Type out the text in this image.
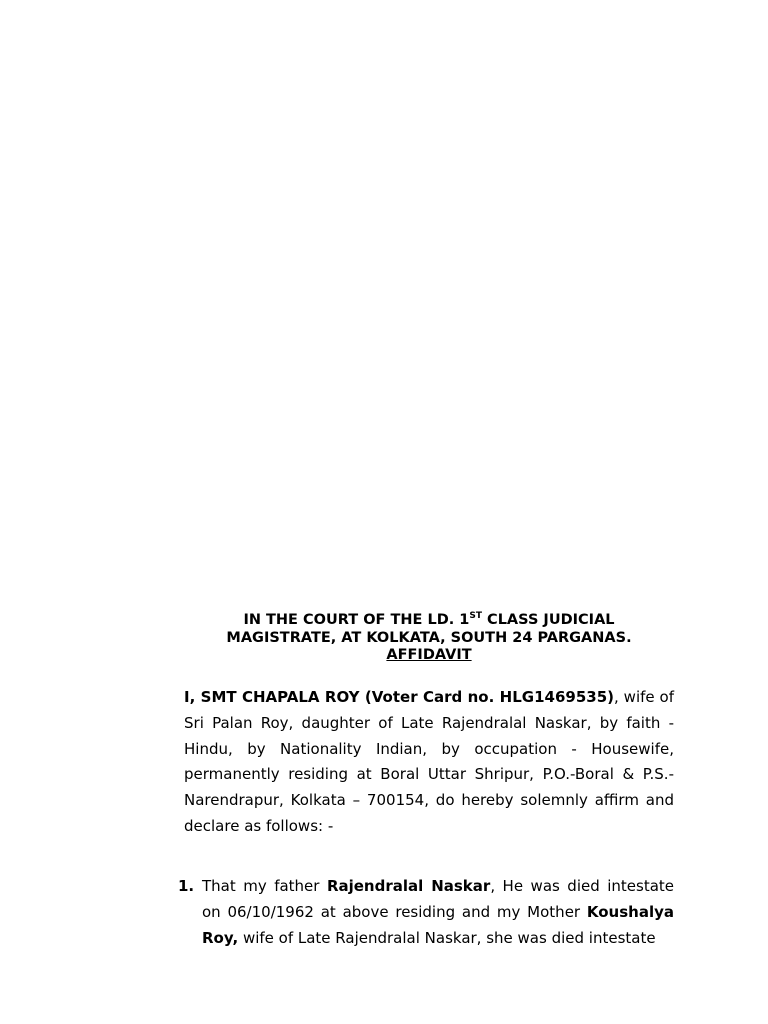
IN THE COURT OF THE LD. 1ST CLASS JUDICIAL
MAGISTRATE, AT KOLKATA, SOUTH 24 PARGANAS.
AFFIDAVIT

I, SMT CHAPALA ROY (Voter Card no. HLG1469535), wife of Sri Palan Roy, daughter of Late Rajendralal Naskar, by faith - Hindu, by Nationality Indian, by occupation - Housewife, permanently residing at Boral Uttar Shripur, P.O.-Boral & P.S.-Narendrapur, Kolkata – 700154, do hereby solemnly affirm and declare as follows: -

1. That my father Rajendralal Naskar, He was died intestate on 06/10/1962 at above residing and my Mother Koushalya Roy, wife of Late Rajendralal Naskar, she was died intestate
